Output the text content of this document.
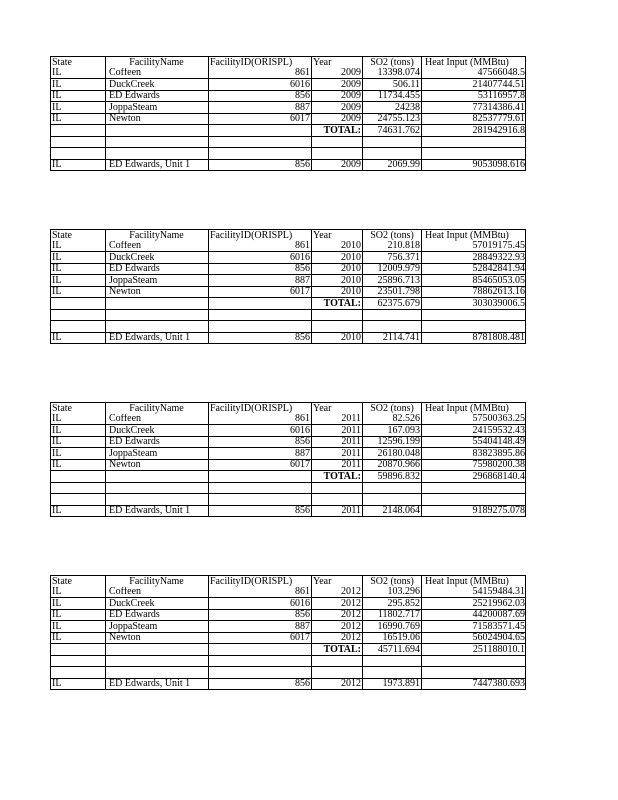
State	FacilityName	FacilityID(ORISPL)	Year	SO2 (tons)	Heat Input (MMBtu)
IL	Coffeen	861	2009	13398.074	47566048.5
IL	DuckCreek	6016	2009	506.11	21407744.51
IL	ED Edwards	856	2009	11734.455	53116957.8
IL	JoppaSteam	887	2009	24238	77314386.41
IL	Newton	6017	2009	24755.123	82537779.61
			TOTAL:	74631.762	281942916.8

IL	ED Edwards, Unit 1	856	2009	2069.99	9053098.616
State	FacilityName	FacilityID(ORISPL)	Year	SO2 (tons)	Heat Input (MMBtu)
IL	Coffeen	861	2010	210.818	57019175.45
IL	DuckCreek	6016	2010	756.371	28849322.93
IL	ED Edwards	856	2010	12009.979	52842841.94
IL	JoppaSteam	887	2010	25896.713	85465053.05
IL	Newton	6017	2010	23501.798	78862613.16
			TOTAL:	62375.679	303039006.5

IL	ED Edwards, Unit 1	856	2010	2114.741	8781808.481
State	FacilityName	FacilityID(ORISPL)	Year	SO2 (tons)	Heat Input (MMBtu)
IL	Coffeen	861	2011	82.526	57500363.25
IL	DuckCreek	6016	2011	167.093	24159532.43
IL	ED Edwards	856	2011	12596.199	55404148.49
IL	JoppaSteam	887	2011	26180.048	83823895.86
IL	Newton	6017	2011	20870.966	75980200.38
			TOTAL:	59896.832	296868140.4

IL	ED Edwards, Unit 1	856	2011	2148.064	9189275.078
State	FacilityName	FacilityID(ORISPL)	Year	SO2 (tons)	Heat Input (MMBtu)
IL	Coffeen	861	2012	103.296	54159484.31
IL	DuckCreek	6016	2012	295.852	25219962.03
IL	ED Edwards	856	2012	11802.717	44200087.69
IL	JoppaSteam	887	2012	16990.769	71583571.45
IL	Newton	6017	2012	16519.06	56024904.65
			TOTAL:	45711.694	251188010.1

IL	ED Edwards, Unit 1	856	2012	1973.891	7447380.693
